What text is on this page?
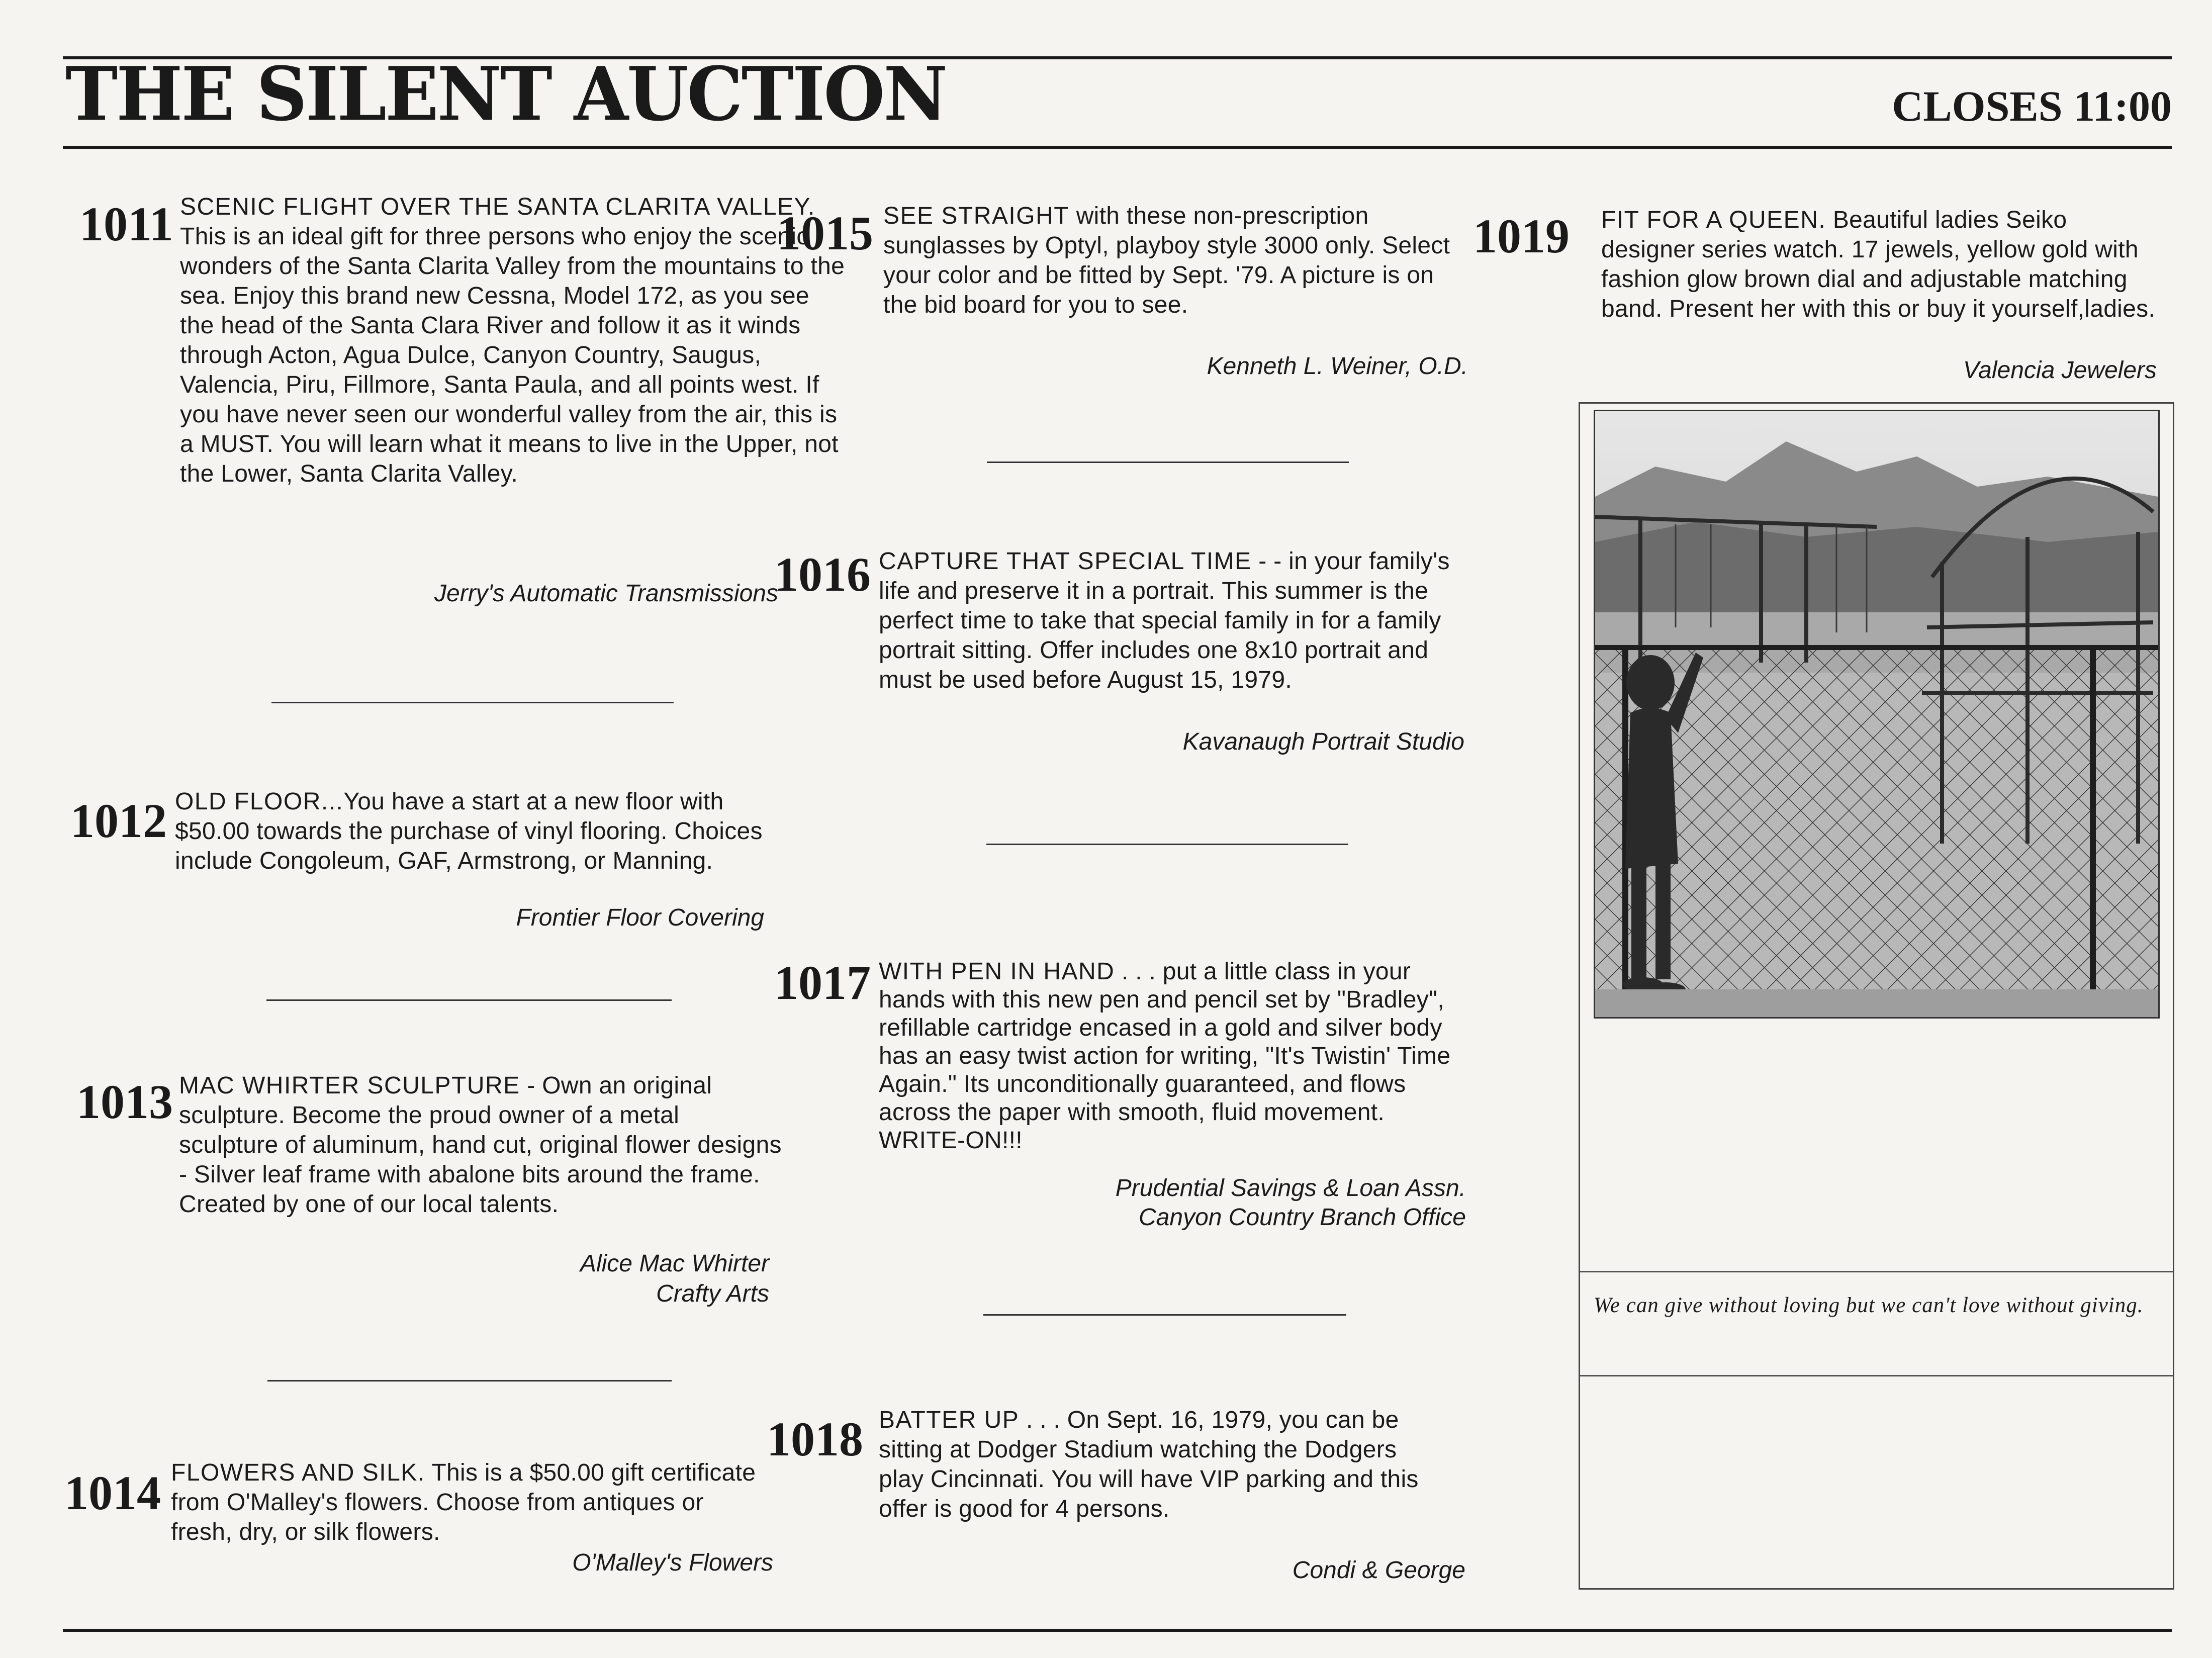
THE SILENT AUCTION	CLOSES 11:00
1011 SCENIC FLIGHT OVER THE SANTA CLARITA VALLEY. This is an ideal gift for three persons who enjoy the scenic wonders of the Santa Clarita Valley from the mountains to the sea. Enjoy this brand new Cessna, Model 172, as you see the head of the Santa Clara River and follow it as it winds through Acton, Agua Dulce, Canyon Country, Saugus, Valencia, Piru, Fillmore, Santa Paula, and all points west. If you have never seen our wonderful valley from the air, this is a MUST. You will learn what it means to live in the Upper, not the Lower, Santa Clarita Valley.
Jerry's Automatic Transmissions
1012 OLD FLOOR...You have a start at a new floor with $50.00 towards the purchase of vinyl flooring. Choices include Congoleum, GAF, Armstrong, or Manning.
Frontier Floor Covering
1013 MAC WHIRTER SCULPTURE - Own an original sculpture. Become the proud owner of a metal sculpture of aluminum, hand cut, original flower designs - Silver leaf frame with abalone bits around the frame. Created by one of our local talents.
Alice Mac Whirter
Crafty Arts
1014 FLOWERS AND SILK. This is a $50.00 gift certificate from O'Malley's flowers. Choose from antiques or fresh, dry, or silk flowers.
O'Malley's Flowers
1015 SEE STRAIGHT with these non-prescription sunglasses by Optyl, playboy style 3000 only. Select your color and be fitted by Sept. '79. A picture is on the bid board for you to see.
Kenneth L. Weiner, O.D.
1016 CAPTURE THAT SPECIAL TIME - - in your family's life and preserve it in a portrait. This summer is the perfect time to take that special family in for a family portrait sitting. Offer includes one 8x10 portrait and must be used before August 15, 1979.
Kavanaugh Portrait Studio
1017 WITH PEN IN HAND . . . put a little class in your hands with this new pen and pencil set by "Bradley", refillable cartridge encased in a gold and silver body has an easy twist action for writing, "It's Twistin' Time Again." Its unconditionally guaranteed, and flows across the paper with smooth, fluid movement. WRITE-ON!!!
Prudential Savings & Loan Assn.
Canyon Country Branch Office
1018 BATTER UP . . . On Sept. 16, 1979, you can be sitting at Dodger Stadium watching the Dodgers play Cincinnati. You will have VIP parking and this offer is good for 4 persons.
Condi & George
1019 FIT FOR A QUEEN. Beautiful ladies Seiko designer series watch. 17 jewels, yellow gold with fashion glow brown dial and adjustable matching band. Present her with this or buy it yourself,ladies.
Valencia Jewelers
We can give without loving but we can't love without giving.
